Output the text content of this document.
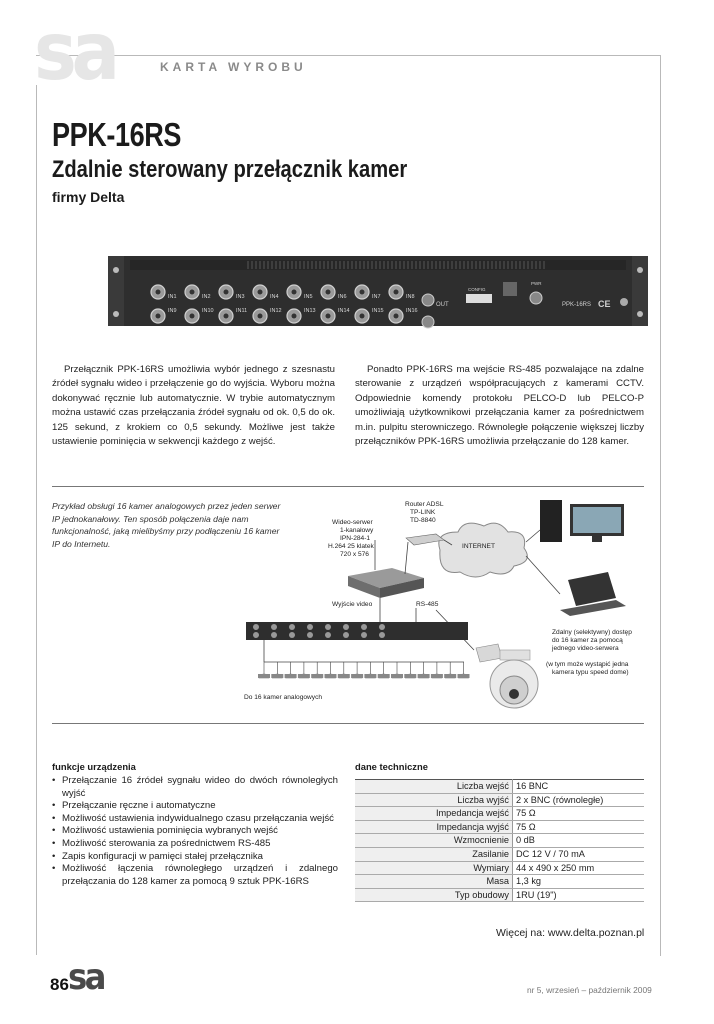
sa	KARTA WYROBU
PPK-16RS
Zdalnie sterowany przełącznik kamer
firmy Delta
IN1	IN2	IN3	IN4	IN5	IN6	IN7	IN8
IN9	IN10	IN11	IN12	IN13	IN14	IN15	IN16
OUT
CONFIG
PWR
PPK-16RS CE
Przełącznik PPK-16RS umożliwia wybór jednego z szesnastu źródeł sygnału wideo i przełączenie go do wyjścia. Wyboru można dokonywać ręcznie lub automatycznie. W trybie automatycznym można ustawić czas przełączania źródeł sygnału od ok. 0,5 do ok. 125 sekund, z krokiem co 0,5 sekundy. Możliwe jest także ustawienie pominięcia w sekwencji każdego z wejść.
Ponadto PPK-16RS ma wejście RS-485 pozwalające na zdalne sterowanie z urządzeń współpracujących z kamerami CCTV. Odpowiednie komendy protokołu PELCO-D lub PELCO-P umożliwiają użytkownikowi przełączania kamer za pośrednictwem m.in. pulpitu sterowniczego. Równoległe połączenie większej liczby przełączników PPK-16RS umożliwia przełączanie do 128 kamer.
Przykład obsługi 16 kamer analogowych przez jeden serwer IP jednokanałowy. Ten sposób połączenia daje nam funkcjonalność, jaką mielibyśmy przy podłączeniu 16 kamer IP do Internetu.	INTERNET
Router ADSL
TP-LINK
TD-8840
Wideo-serwer
1-kanałowy
IPN-284-1
H.264 25 klatek
720 x 576
Wyjście video	RS-485
Zdalny (selektywny) dostęp
do 16 kamer za pomocą
jednego video-serwera
(w tym może wystąpić jedna
kamera typu speed dome)
Do 16 kamer analogowych
funkcje urządzenia
• Przełączanie 16 źródeł sygnału wideo do dwóch równoległych wyjść
• Przełączanie ręczne i automatyczne
• Możliwość ustawienia indywidualnego czasu przełączania wejść
• Możliwość ustawienia pominięcia wybranych wejść
• Możliwość sterowania za pośrednictwem RS-485
• Zapis konfiguracji w pamięci stałej przełącznika
• Możliwość łączenia równoległego urządzeń i zdalnego przełączania do 128 kamer za pomocą 9 sztuk PPK-16RS
dane techniczne
Liczba wejść	16 BNC
Liczba wyjść	2 x BNC (równoległe)
Impedancja wejść	75 Ω
Impedancja wyjść	75 Ω
Wzmocnienie	0 dB
Zasilanie	DC 12 V / 70 mA
Wymiary	44 x 490 x 250 mm
Masa	1,3 kg
Typ obudowy	1RU (19")
Więcej na: www.delta.poznan.pl
86 sa	nr 5, wrzesień – październik 2009
